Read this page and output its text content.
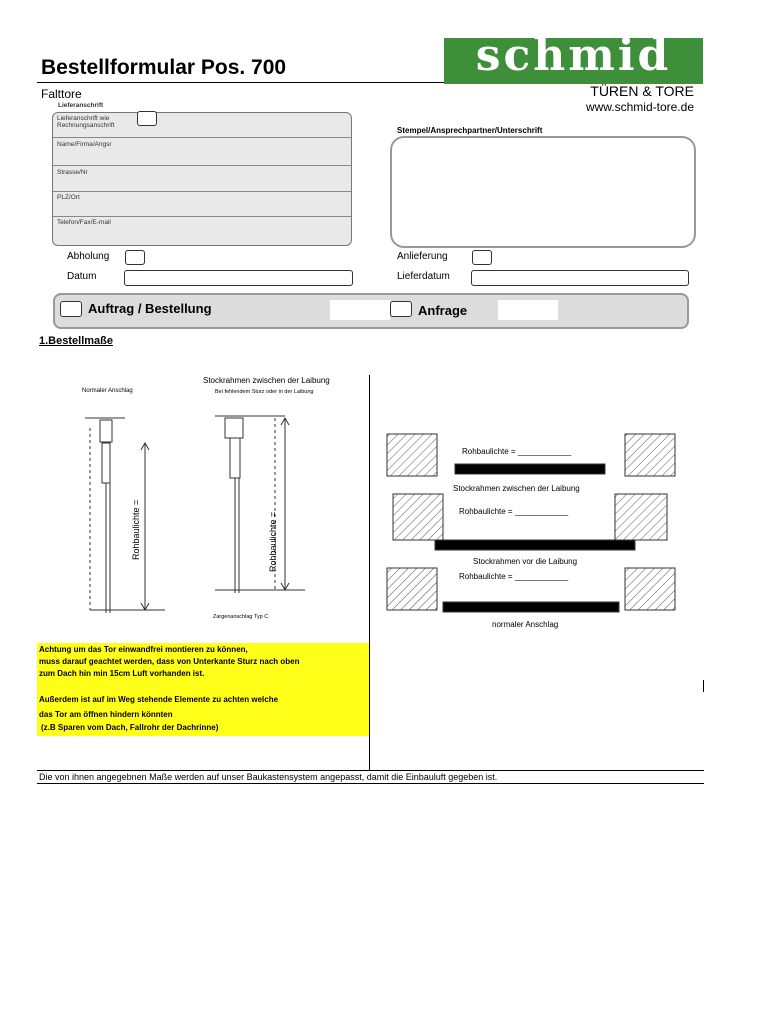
Bestellformular Pos. 700
Falttore
schmid
TÜREN & TORE
www.schmid-tore.de
Lieferanschrift
Lieferanschrift wie Rechnungsanschrift
Name/Firma/Angsr
Strasse/Nr
PLZ/Ort
Telefon/Fax/E-mail
Stempel/Ansprechpartner/Unterschrift
Abholung
Datum
Anlieferung
Lieferdatum
Auftrag / Bestellung	Anfrage
1.Bestellmaße
Normaler Anschlag
Stockrahmen zwischen der Laibung
Bei fehlendem Sturz oder in der Laibung
Zargenanschlag Typ C
Rohbaulichte =	Rohbaulichte =
Rohbaulichte = ____________
Stockrahmen zwischen der Laibung
Rohbaulichte = ____________
Stockrahmen vor die Laibung
Rohbaulichte = ____________
normaler Anschlag
Achtung um das Tor einwandfrei montieren zu können,
muss darauf geachtet werden, dass von Unterkante Sturz nach oben
zum Dach hin min 15cm Luft vorhanden ist.
Außerdem ist auf im Weg stehende Elemente zu achten welche
das Tor am öffnen hindern könnten
(z.B Sparen vom Dach, Fallrohr der Dachrinne)
Die von ihnen angegebnen Maße werden auf unser Baukastensystem angepasst, damit die Einbauluft gegeben ist.
